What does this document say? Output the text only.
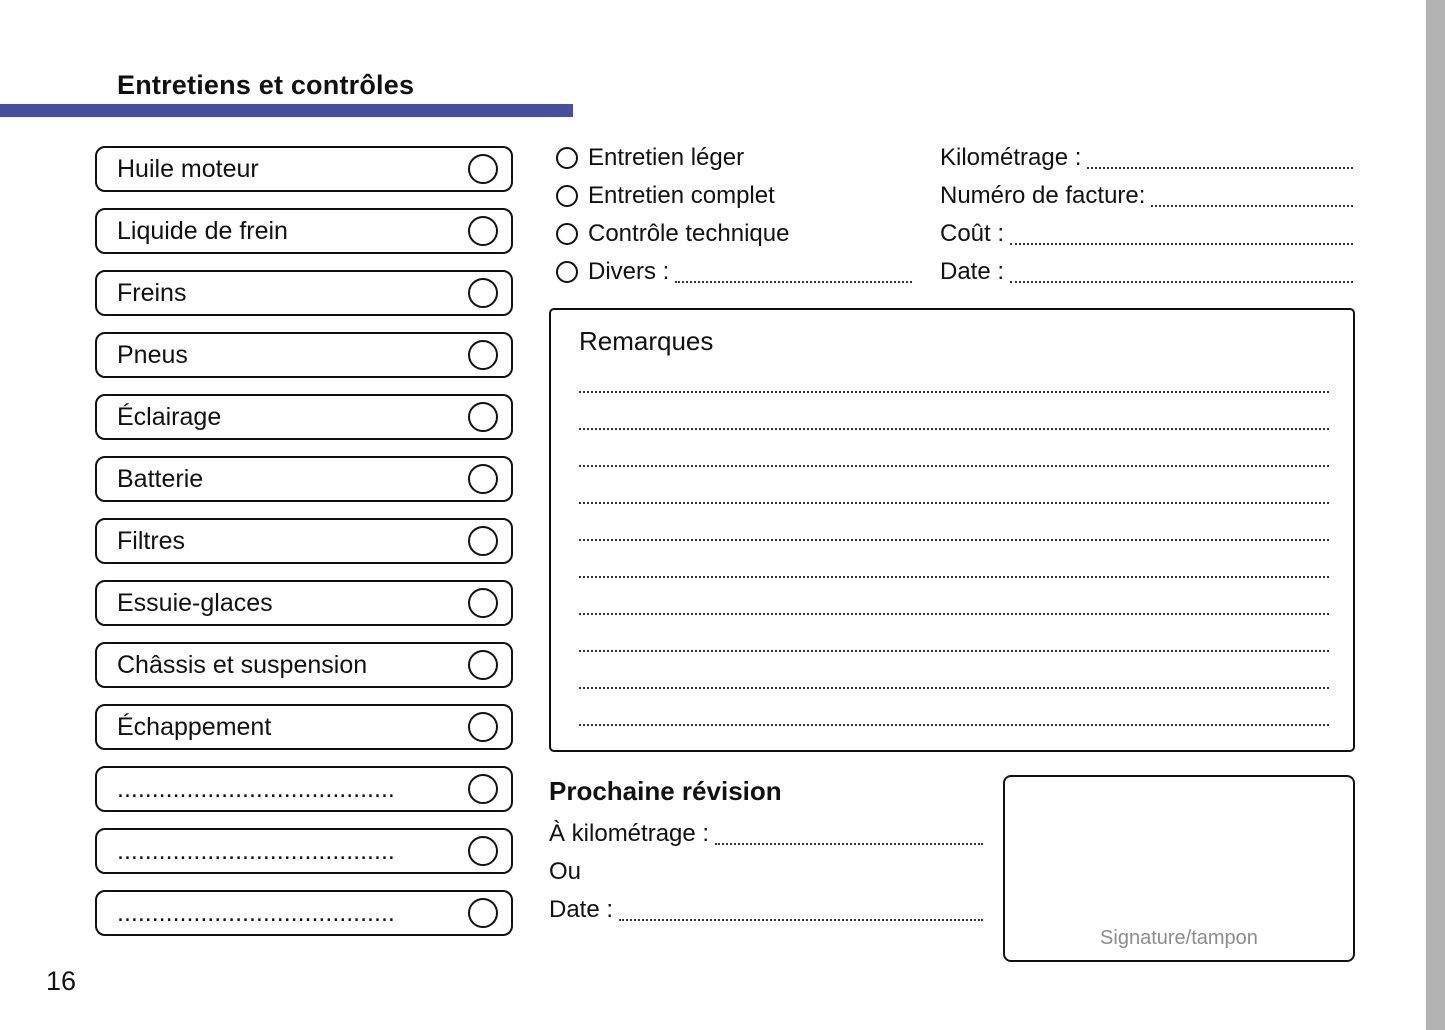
Entretiens et contrôles
Huile moteur
Liquide de frein
Freins
Pneus
Éclairage
Batterie
Filtres
Essuie-glaces
Châssis et suspension
Échappement
........................................
........................................
........................................
Entretien léger
Entretien complet
Contrôle technique
Divers :
Kilométrage :
Numéro de facture:
Coût :
Date :
Remarques
Prochaine révision
À kilométrage :
Ou
Date :
Signature/tampon
16
